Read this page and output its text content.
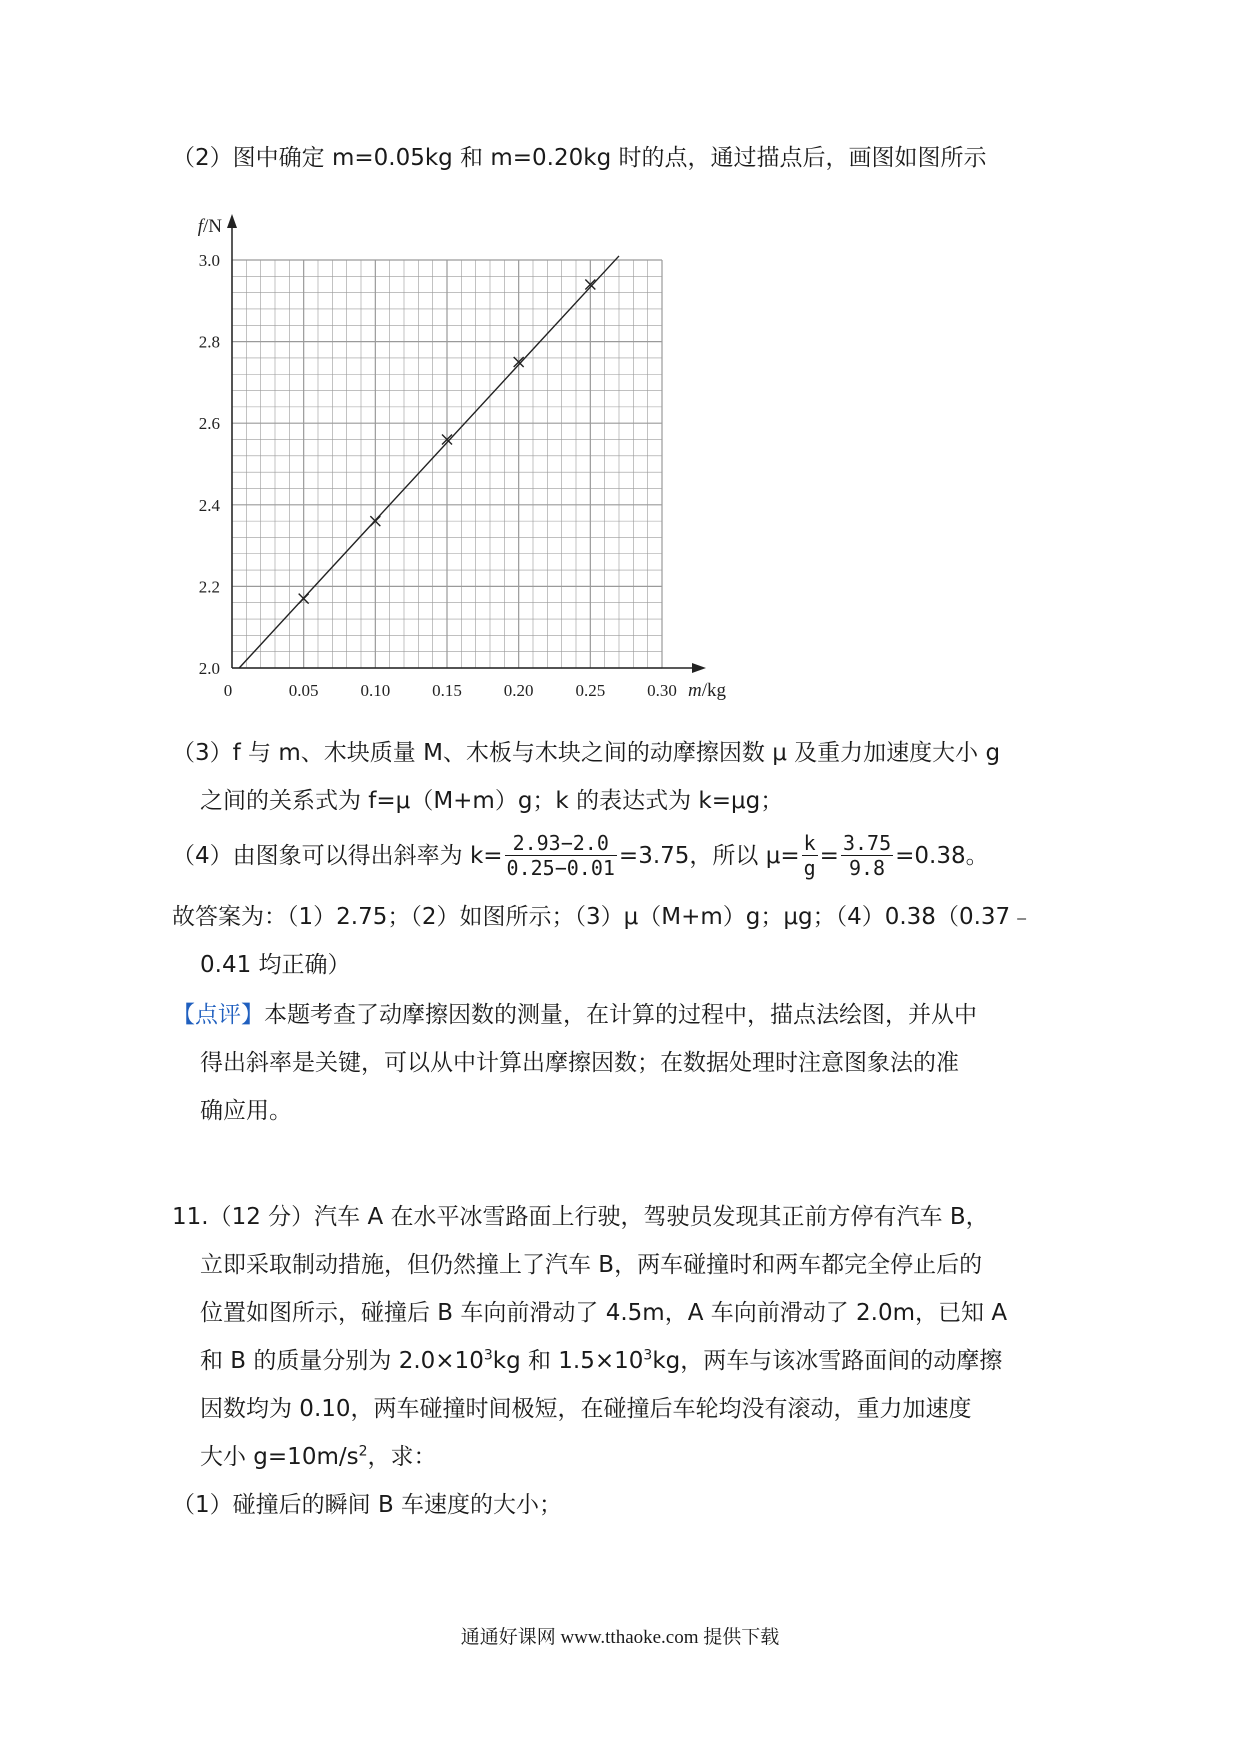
（2）图中确定 m=0.05kg 和 m=0.20kg 时的点，通过描点后，画图如图所示
0	0.05 0.10 0.15 0.20 0.25 0.30
2.0
2.2
2.4
2.6
2.8
3.0
f/N
m/kg
（3）f 与 m、木块质量 M、木板与木块之间的动摩擦因数 μ 及重力加速度大小 g
之间的关系式为 f=μ（M+m）g；k 的表达式为 k=μg；
（4）由图象可以得出斜率为 $k= \frac{2.93-2.0}{0.25-0.01} =3.75$，所以 $\mu= \frac{k}{g} = \frac{3.75}{9.8} =0.38$。
故答案为：（1）2.75；（2）如图所示；（3）μ（M+m）g；μg；（4）0.38（0.37﹣
0.41 均正确）
【点评】本题考查了动摩擦因数的测量，在计算的过程中，描点法绘图，并从中
得出斜率是关键，可以从中计算出摩擦因数；在数据处理时注意图象法的准
确应用。
11.（12 分）汽车 A 在水平冰雪路面上行驶，驾驶员发现其正前方停有汽车 B，
立即采取制动措施，但仍然撞上了汽车 B，两车碰撞时和两车都完全停止后的
位置如图所示，碰撞后 B 车向前滑动了 4.5m，A 车向前滑动了 2.0m，已知 A
和 B 的质量分别为 $2.0\times 10^3kg$ 和 $1.5\times 10^3kg$，两车与该冰雪路面间的动摩擦
因数均为 0.10，两车碰撞时间极短，在碰撞后车轮均没有滚动，重力加速度
大小 $g=10m/s^2$，求：
（1）碰撞后的瞬间 B 车速度的大小；
通通好课网 www.tthaoke.com 提供下载
